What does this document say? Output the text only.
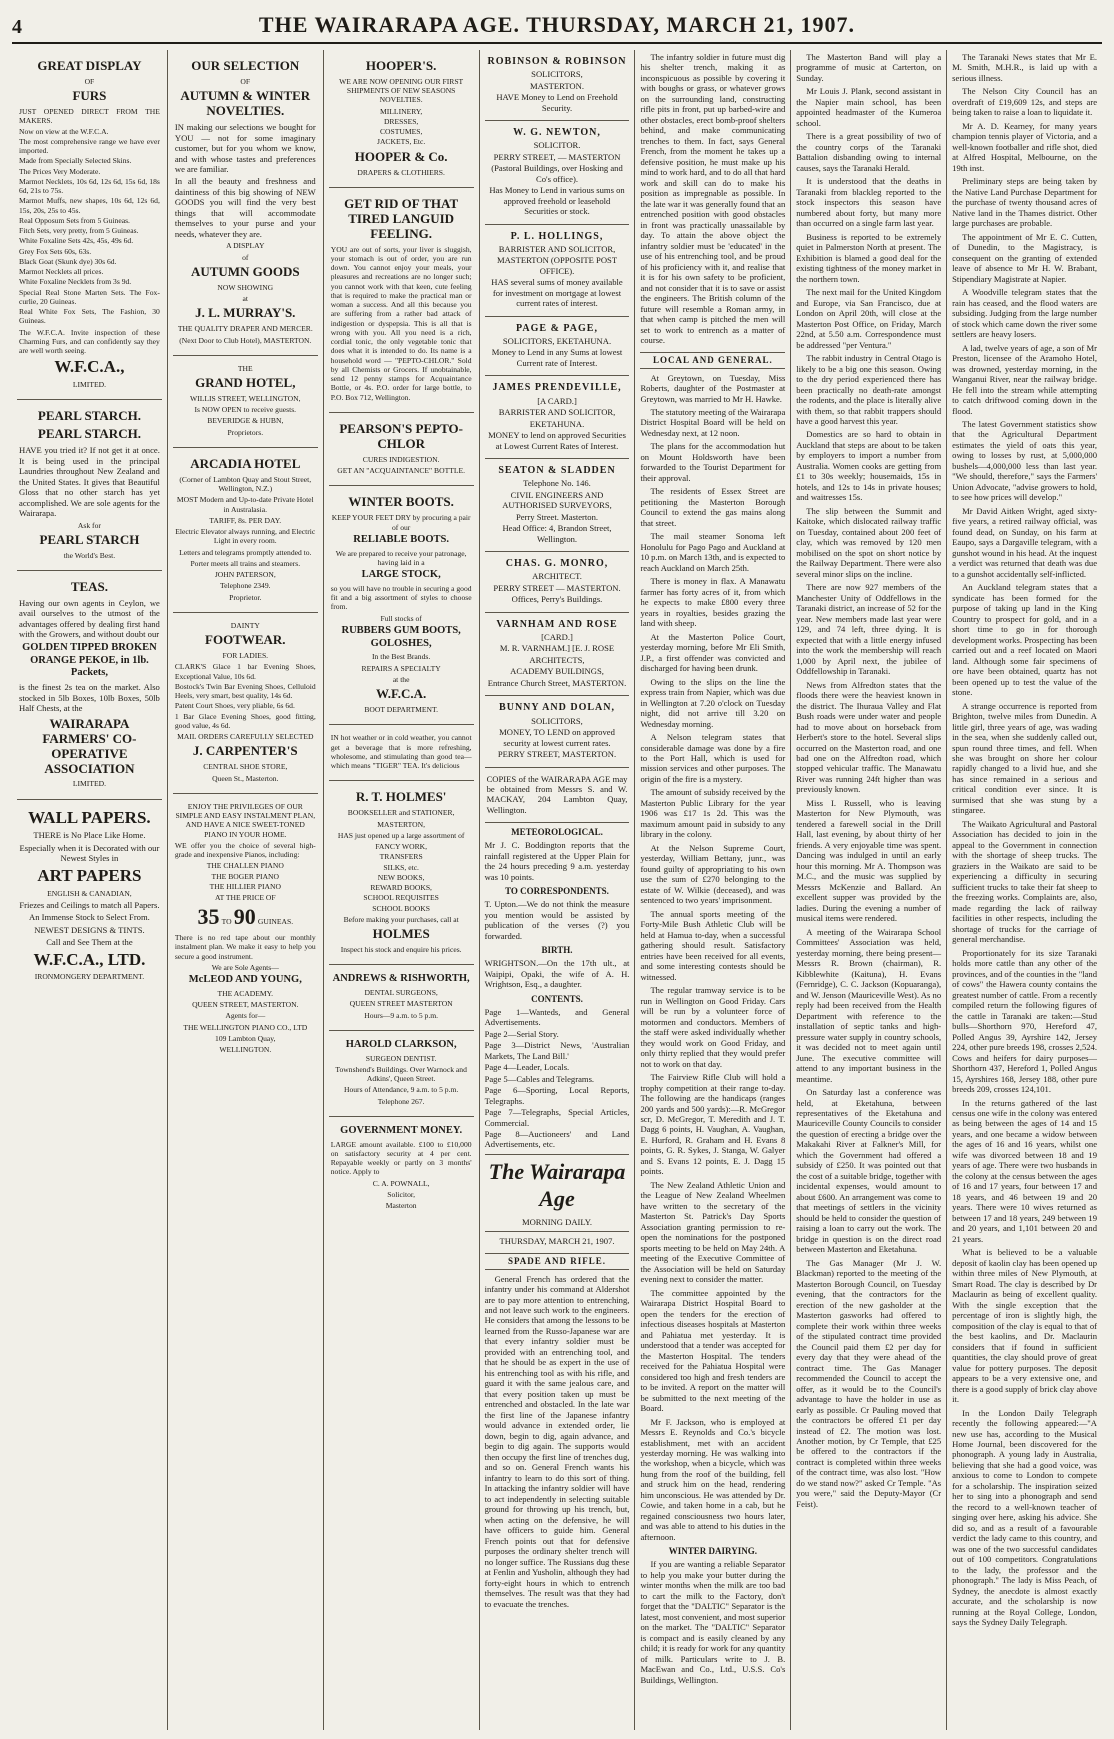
4	THE WAIRARAPA AGE. THURSDAY, MARCH 21, 1907.

GREAT DISPLAY

OF

FURS

JUST OPENED DIRECT FROM THE MAKERS.
Now on view at the W.F.C.A.
The most comprehensive range we have ever imported.
Made from Specially Selected Skins.
The Prices Very Moderate.
Marmot Necklets, 10s 6d, 12s 6d, 15s 6d, 18s 6d, 21s to 75s.
Marmot Muffs, new shapes, 10s 6d, 12s 6d, 15s, 20s, 25s to 45s.
Real Opposum Sets from 5 Guineas.
Fitch Sets, very pretty, from 5 Guineas.
White Foxaline Sets 42s, 45s, 49s 6d.
Grey Fox Sets 60s, 63s.
Black Goat (Skunk dye) 30s 6d.
Marmot Necklets all prices.
White Foxaline Necklets from 3s 9d.
Special Real Stone Marten Sets. The Fox-curlie, 20 Guineas.
Real White Fox Sets, The Fashion, 30 Guineas.

The W.F.C.A. Invite inspection of these Charming Furs, and can confidently say they are well worth seeing.

W.F.C.A.,

LIMITED.

PEARL STARCH.

PEARL STARCH.

HAVE you tried it? If not get it at once. It is being used in the principal Laundries throughout New Zealand and the United States. It gives that Beautiful Gloss that no other starch has yet accomplished. We are sole agents for the Wairarapa.

Ask for

PEARL STARCH

the World's Best.

TEAS.

Having our own agents in Ceylon, we avail ourselves to the utmost of the advantages offered by dealing first hand with the Growers, and without doubt our

GOLDEN TIPPED BROKEN ORANGE PEKOE, in 1lb. Packets,

is the finest 2s tea on the market. Also stocked in 5lb Boxes, 10lb Boxes, 50lb Half Chests, at the

WAIRARAPA FARMERS' CO-OPERATIVE ASSOCIATION

LIMITED.

WALL PAPERS.

THERE is No Place Like Home.

Especially when it is Decorated with our Newest Styles in

ART PAPERS

ENGLISH & CANADIAN,

Friezes and Ceilings to match all Papers.

An Immense Stock to Select From.

NEWEST DESIGNS & TINTS.

Call and See Them at the

W.F.C.A., LTD.

IRONMONGERY DEPARTMENT.

OUR SELECTION

OF

AUTUMN & WINTER NOVELTIES.

IN making our selections we bought for YOU — not for some imaginary customer, but for you whom we know, and with whose tastes and preferences we are familiar.

In all the beauty and freshness and daintiness of this big showing of NEW GOODS you will find the very best things that will accommodate themselves to your purse and your needs, whatever they are.

A DISPLAY

of

AUTUMN GOODS

NOW SHOWING

at

J. L. MURRAY'S.

THE QUALITY DRAPER AND MERCER.

(Next Door to Club Hotel), MASTERTON.

THE

GRAND HOTEL,

WILLIS STREET, WELLINGTON,

Is NOW OPEN to receive guests.

BEVERIDGE & HUBN,

Proprietors.

ARCADIA HOTEL

(Corner of Lambton Quay and Stout Street, Wellington, N.Z.)

MOST Modern and Up-to-date Private Hotel in Australasia.

TARIFF, 8s. PER DAY.

Electric Elevator always running, and Electric Light in every room.

Letters and telegrams promptly attended to.

Porter meets all trains and steamers.

JOHN PATERSON,

Telephone 2349.

Proprietor.

DAINTY

FOOTWEAR.

FOR LADIES.

CLARK'S Glace 1 bar Evening Shoes, Exceptional Value, 10s 6d.
Bostock's Twin Bar Evening Shoes, Celluloid Heels, very smart, best quality, 14s 6d.
Patent Court Shoes, very pliable, 6s 6d.
1 Bar Glace Evening Shoes, good fitting, good value, 4s 6d.

MAIL ORDERS CAREFULLY SELECTED

J. CARPENTER'S

CENTRAL SHOE STORE,

Queen St., Masterton.

ENJOY THE PRIVILEGES OF OUR SIMPLE AND EASY INSTALMENT PLAN, AND HAVE A NICE SWEET-TONED PIANO IN YOUR HOME.

WE offer you the choice of several high-grade and inexpensive Pianos, including:

THE CHALLEN PIANO
THE BOGER PIANO
THE HILLIER PIANO

AT THE PRICE OF

35 TO 90 GUINEAS.

There is no red tape about our monthly instalment plan. We make it easy to help you secure a good instrument.

We are Sole Agents—

McLEOD AND YOUNG,

THE ACADEMY.

QUEEN STREET, MASTERTON.

Agents for—

THE WELLINGTON PIANO CO., LTD

109 Lambton Quay,

WELLINGTON.

HOOPER'S.

WE ARE NOW OPENING OUR FIRST SHIPMENTS OF NEW SEASONS NOVELTIES.

MILLINERY,
DRESSES,
COSTUMES,
JACKETS, Etc.

HOOPER & Co.

DRAPERS & CLOTHIERS.

GET RID OF THAT TIRED LANGUID FEELING.

YOU are out of sorts, your liver is sluggish, your stomach is out of order, you are run down. You cannot enjoy your meals, your pleasures and recreations are no longer such; you cannot work with that keen, cute feeling that is required to make the practical man or woman a success. And all this because you are suffering from a rather bad attack of indigestion or dyspepsia. This is all that is wrong with you. All you need is a rich, cordial tonic, the only vegetable tonic that does what it is intended to do. Its name is a household word — "PEPTO-CHLOR." Sold by all Chemists or Grocers. If unobtainable, send 12 penny stamps for Acquaintance Bottle, or 4s. P.O. order for large bottle, to P.O. Box 712, Wellington.

PEARSON'S PEPTO-CHLOR

CURES INDIGESTION.

GET AN "ACQUAINTANCE" BOTTLE.

WINTER BOOTS.

KEEP YOUR FEET DRY by procuring a pair of our

RELIABLE BOOTS.

We are prepared to receive your patronage, having laid in a

LARGE STOCK,

so you will have no trouble in securing a good fit and a big assortment of styles to choose from.

Full stocks of

RUBBERS GUM BOOTS, GOLOSHES,

In the Best Brands.

REPAIRS A SPECIALTY

at the

W.F.C.A.

BOOT DEPARTMENT.

IN hot weather or in cold weather, you cannot get a beverage that is more refreshing, wholesome, and stimulating than good tea—which means "TIGER" TEA. It's delicious

R. T. HOLMES'

BOOKSELLER and STATIONER,

MASTERTON,

HAS just opened up a large assortment of

FANCY WORK,
TRANSFERS
SILKS, etc.
NEW BOOKS,
REWARD BOOKS,
SCHOOL REQUISITES
SCHOOL BOOKS

Before making your purchases, call at

HOLMES

Inspect his stock and enquire his prices.

ANDREWS & RISHWORTH,

DENTAL SURGEONS,

QUEEN STREET MASTERTON

Hours—9 a.m. to 5 p.m.

HAROLD CLARKSON,

SURGEON DENTIST.

Townshend's Buildings. Over Warnock and Adkins', Queen Street.

Hours of Attendance, 9 a.m. to 5 p.m.

Telephone 267.

GOVERNMENT MONEY.

LARGE amount available. £100 to £10,000 on satisfactory security at 4 per cent. Repayable weekly or partly on 3 months' notice. Apply to

C. A. POWNALL,

Solicitor,

Masterton

ROBINSON & ROBINSON

SOLICITORS,

MASTERTON.

HAVE Money to Lend on Freehold Security.

W. G. NEWTON,

SOLICITOR.

PERRY STREET, — MASTERTON

(Pastoral Buildings, over Hosking and Co's office).

Has Money to Lend in various sums on approved freehold or leasehold Securities or stock.

P. L. HOLLINGS,

BARRISTER AND SOLICITOR,

MASTERTON (OPPOSITE POST OFFICE).

HAS several sums of money available for investment on mortgage at lowest current rates of interest.

PAGE & PAGE,

SOLICITORS, EKETAHUNA.

Money to Lend in any Sums at lowest Current rate of Interest.

JAMES PRENDEVILLE,

[A CARD.]

BARRISTER AND SOLICITOR,

EKETAHUNA.

MONEY to lend on approved Securities at Lowest Current Rates of Interest.

SEATON & SLADDEN

Telephone No. 146.

CIVIL ENGINEERS AND AUTHORISED SURVEYORS,

Perry Street. Masterton.

Head Office: 4, Brandon Street, Wellington.

CHAS. G. MONRO,

ARCHITECT.

PERRY STREET — MASTERTON.

Offices, Perry's Buildings.

VARNHAM AND ROSE

[CARD.]

M. R. VARNHAM.] [E. J. ROSE

ARCHITECTS,

ACADEMY BUILDINGS,

Entrance Church Street, MASTERTON.

BUNNY AND DOLAN,

SOLICITORS,

MONEY, TO LEND on approved security at lowest current rates.

PERRY STREET, MASTERTON.

COPIES of the WAIRARAPA AGE may be obtained from Messrs S. and W. MACKAY, 204 Lambton Quay, Wellington.

METEOROLOGICAL.

Mr J. C. Boddington reports that the rainfall registered at the Upper Plain for the 24 hours preceding 9 a.m. yesterday was 10 points.

TO CORRESPONDENTS.

T. Upton.—We do not think the measure you mention would be assisted by publication of the verses (?) you forwarded.

BIRTH.

WRIGHTSON.—On the 17th ult., at Waipipi, Opaki, the wife of A. H. Wrightson, Esq., a daughter.

CONTENTS.
Page 1—Wanteds, and General Advertisements.
Page 2—Serial Story.
Page 3—District News, 'Australian Markets, The Land Bill.'
Page 4—Leader, Locals.
Page 5—Cables and Telegrams.
Page 6—Sporting, Local Reports, Telegraphs.
Page 7—Telegraphs, Special Articles, Commercial.
Page 8—Auctioneers' and Land Advertisements, etc.
The Wairarapa Age
MORNING DAILY.
THURSDAY, MARCH 21, 1907.
SPADE AND RIFLE.

General French has ordered that the infantry under his command at Aldershot are to pay more attention to entrenching, and not leave such work to the engineers. He considers that among the lessons to be learned from the Russo-Japanese war are that every infantry soldier must be provided with an entrenching tool, and that he should be as expert in the use of his entrenching tool as with his rifle, and guard it with the same jealous care, and that every position taken up must be entrenched and obstacled. In the late war the first line of the Japanese infantry would advance in extended order, lie down, begin to dig, again advance, and begin to dig again. The supports would then occupy the first line of trenches dug, and so on. General French wants his infantry to learn to do this sort of thing. In attacking the infantry soldier will have to act independently in selecting suitable ground for throwing up his trench, but, when acting on the defensive, he will have officers to guide him. General French points out that for defensive purposes the ordinary shelter trench will no longer suffice. The Russians dug these at Fenlin and Yusholin, although they had forty-eight hours in which to entrench themselves. The result was that they had to evacuate the trenches.

The infantry soldier in future must dig his shelter trench, making it as inconspicuous as possible by covering it with boughs or grass, or whatever grows on the surrounding land, constructing rifle pits in front, put up barbed-wire and other obstacles, erect bomb-proof shelters behind, and make communicating trenches to them. In fact, says General French, from the moment he takes up a defensive position, he must make up his mind to work hard, and to do all that hard work and skill can do to make his position as impregnable as possible. In the late war it was generally found that an entrenched position with good obstacles in front was practically unassailable by day. To attain the above object the infantry soldier must be 'educated' in the use of his entrenching tool, and be proud of his proficiency with it, and realise that it is for his own safety to be proficient, and not consider that it is to save or assist the engineers. The British column of the future will resemble a Roman army, in that when camp is pitched the men will set to work to entrench as a matter of course.

LOCAL AND GENERAL.

At Greytown, on Tuesday, Miss Roberts, daughter of the Postmaster at Greytown, was married to Mr H. Hawke.

The statutory meeting of the Wairarapa District Hospital Board will be held on Wednesday next, at 12 noon.

The plans for the accommodation hut on Mount Holdsworth have been forwarded to the Tourist Department for their approval.

The residents of Essex Street are petitioning the Masterton Borough Council to extend the gas mains along that street.

The mail steamer Sonoma left Honolulu for Pago Pago and Auckland at 10 p.m. on March 13th, and is expected to reach Auckland on March 25th.

There is money in flax. A Manawatu farmer has forty acres of it, from which he expects to make £800 every three years in royalties, besides grazing the land with sheep.

At the Masterton Police Court, yesterday morning, before Mr Eli Smith, J.P., a first offender was convicted and discharged for having been drunk.

Owing to the slips on the line the express train from Napier, which was due in Wellington at 7.20 o'clock on Tuesday night, did not arrive till 3.20 on Wednesday morning.

A Nelson telegram states that considerable damage was done by a fire to the Port Hall, which is used for mission services and other purposes. The origin of the fire is a mystery.

The amount of subsidy received by the Masterton Public Library for the year 1906 was £17 1s 2d. This was the maximum amount paid in subsidy to any library in the colony.

At the Nelson Supreme Court, yesterday, William Bettany, junr., was found guilty of appropriating to his own use the sum of £270 belonging to the estate of W. Wilkie (deceased), and was sentenced to two years' imprisonment.

The annual sports meeting of the Forty-Mile Bush Athletic Club will be held at Hamua to-day, when a successful gathering should result. Satisfactory entries have been received for all events, and some interesting contests should be witnessed.

The regular tramway service is to be run in Wellington on Good Friday. Cars will be run by a volunteer force of motormen and conductors. Members of the staff were asked individually whether they would work on Good Friday, and only thirty replied that they would prefer not to work on that day.

The Fairview Rifle Club will hold a trophy competition at their range to-day. The following are the handicaps (ranges 200 yards and 500 yards):—R. McGregor scr, D. McGregor, T. Meredith and J. T. Dagg 6 points, H. Vaughan, A. Vaughan, E. Hurford, R. Graham and H. Evans 8 points, G. R. Sykes, J. Stanga, W. Galyer and S. Evans 12 points, E. J. Dagg 15 points.

The New Zealand Athletic Union and the League of New Zealand Wheelmen have written to the secretary of the Masterton St. Patrick's Day Sports Association granting permission to re-open the nominations for the postponed sports meeting to be held on May 24th. A meeting of the Executive Committee of the Association will be held on Saturday evening next to consider the matter.

The committee appointed by the Wairarapa District Hospital Board to open the tenders for the erection of infectious diseases hospitals at Masterton and Pahiatua met yesterday. It is understood that a tender was accepted for the Masterton Hospital. The tenders received for the Pahiatua Hospital were considered too high and fresh tenders are to be invited. A report on the matter will be submitted to the next meeting of the Board.

Mr F. Jackson, who is employed at Messrs E. Reynolds and Co.'s bicycle establishment, met with an accident yesterday morning. He was walking into the workshop, when a bicycle, which was hung from the roof of the building, fell and struck him on the head, rendering him unconscious. He was attended by Dr. Cowie, and taken home in a cab, but he regained consciousness two hours later, and was able to attend to his duties in the afternoon.

WINTER DAIRYING.

If you are wanting a reliable Separator to help you make your butter during the winter months when the milk are too bad to cart the milk to the Factory, don't forget that the "DALTIC" Separator is the latest, most convenient, and most superior on the market. The "DALTIC" Separator is compact and is easily cleaned by any child; it is ready for work for any quantity of milk. Particulars write to J. B. MacEwan and Co., Ltd., U.S.S. Co's Buildings, Wellington.

The Masterton Band will play a programme of music at Carterton, on Sunday.

Mr Louis J. Plank, second assistant in the Napier main school, has been appointed headmaster of the Kumeroa school.

There is a great possibility of two of the country corps of the Taranaki Battalion disbanding owing to internal causes, says the Taranaki Herald.

It is understood that the deaths in Taranaki from blackleg reported to the stock inspectors this season have numbered about forty, but many more than occurred on a single farm last year.

Business is reported to be extremely quiet in Palmerston North at present. The Exhibition is blamed a good deal for the existing tightness of the money market in the northern town.

The next mail for the United Kingdom and Europe, via San Francisco, due at London on April 20th, will close at the Masterton Post Office, on Friday, March 22nd, at 5.50 a.m. Correspondence must be addressed "per Ventura."

The rabbit industry in Central Otago is likely to be a big one this season. Owing to the dry period experienced there has been practically no death-rate amongst the rodents, and the place is literally alive with them, so that rabbit trappers should have a good harvest this year.

Domestics are so hard to obtain in Auckland that steps are about to be taken by employers to import a number from Australia. Women cooks are getting from £1 to 30s weekly; housemaids, 15s in hotels, and 12s to 14s in private houses; and waitresses 15s.

The slip between the Summit and Kaitoke, which dislocated railway traffic on Tuesday, contained about 200 feet of clay, which was removed by 120 men mobilised on the spot on short notice by the Railway Department. There were also several minor slips on the incline.

There are now 927 members of the Manchester Unity of Oddfellows in the Taranaki district, an increase of 52 for the year. New members made last year were 129, and 74 left, three dying. It is expected that with a little energy infused into the work the membership will reach 1,000 by April next, the jubilee of Oddfellowship in Taranaki.

News from Alfredton states that the floods there were the heaviest known in the district. The Ihuraua Valley and Flat Bush roads were under water and people had to move about on horseback from Herbert's store to the hotel. Several slips occurred on the Masterton road, and one bad one on the Alfredton road, which stopped vehicular traffic. The Manawatu River was running 24ft higher than was previously known.

Miss I. Russell, who is leaving Masterton for New Plymouth, was tendered a farewell social in the Drill Hall, last evening, by about thirty of her friends. A very enjoyable time was spent. Dancing was indulged in until an early hour this morning. Mr A. Thompson was M.C., and the music was supplied by Messrs McKenzie and Ballard. An excellent supper was provided by the ladies. During the evening a number of musical items were rendered.

A meeting of the Wairarapa School Committees' Association was held, yesterday morning, there being present—Messrs R. Brown (chairman), R. Kibblewhite (Kaituna), H. Evans (Fernridge), C. C. Jackson (Kopuaranga), and W. Jenson (Mauriceville West). As no reply had been received from the Health Department with reference to the installation of septic tanks and high-pressure water supply in country schools, it was decided not to meet again until June. The executive committee will attend to any important business in the meantime.

On Saturday last a conference was held, at Eketahuna, between representatives of the Eketahuna and Mauriceville County Councils to consider the question of erecting a bridge over the Makakahi River at Falkner's Mill, for which the Government had offered a subsidy of £250. It was pointed out that the cost of a suitable bridge, together with incidental expenses, would amount to about £600. An arrangement was come to that meetings of settlers in the vicinity should be held to consider the question of raising a loan to carry out the work. The bridge in question is on the direct road between Masterton and Eketahuna.

The Gas Manager (Mr J. W. Blackman) reported to the meeting of the Masterton Borough Council, on Tuesday evening, that the contractors for the erection of the new gasholder at the Masterton gasworks had offered to complete their work within three weeks of the stipulated contract time provided the Council paid them £2 per day for every day that they were ahead of the contract time. The Gas Manager recommended the Council to accept the offer, as it would be to the Council's advantage to have the holder in use as early as possible. Cr Pauling moved that the contractors be offered £1 per day instead of £2. The motion was lost. Another motion, by Cr Temple, that £25 be offered to the contractors if the contract is completed within three weeks of the contract time, was also lost. "How do we stand now?" asked Cr Temple. "As you were," said the Deputy-Mayor (Cr Feist).

The Taranaki News states that Mr E. M. Smith, M.H.R., is laid up with a serious illness.

The Nelson City Council has an overdraft of £19,609 12s, and steps are being taken to raise a loan to liquidate it.

Mr A. D. Kearney, for many years champion tennis player of Victoria, and a well-known footballer and rifle shot, died at Alfred Hospital, Melbourne, on the 19th inst.

Preliminary steps are being taken by the Native Land Purchase Department for the purchase of twenty thousand acres of Native land in the Thames district. Other large purchases are probable.

The appointment of Mr E. C. Cutten, of Dunedin, to the Magistracy, is consequent on the granting of extended leave of absence to Mr H. W. Brabant, Stipendiary Magistrate at Napier.

A Woodville telegram states that the rain has ceased, and the flood waters are subsiding. Judging from the large number of stock which came down the river some settlers are heavy losers.

A lad, twelve years of age, a son of Mr Preston, licensee of the Aramoho Hotel, was drowned, yesterday morning, in the Wanganui River, near the railway bridge. He fell into the stream while attempting to catch driftwood coming down in the flood.

The latest Government statistics show that the Agricultural Department estimates the yield of oats this year, owing to losses by rust, at 5,000,000 bushels—4,000,000 less than last year. "We should, therefore," says the Farmers' Union Advocate, "advise growers to hold, to see how prices will develop."

Mr David Aitken Wright, aged sixty-five years, a retired railway official, was found dead, on Sunday, on his farm at Eaupo, says a Dargaville telegram, with a gunshot wound in his head. At the inquest a verdict was returned that death was due to a gunshot accidentally self-inflicted.

An Auckland telegram states that a syndicate has been formed for the purpose of taking up land in the King Country to prospect for gold, and in a short time to go in for thorough development works. Prospecting has been carried out and a reef located on Maori land. Although some fair specimens of ore have been obtained, quartz has not been opened up to test the value of the stone.

A strange occurrence is reported from Brighton, twelve miles from Dunedin. A little girl, three years of age, was wading in the sea, when she suddenly called out, spun round three times, and fell. When she was brought on shore her colour rapidly changed to a livid hue, and she has since remained in a serious and critical condition ever since. It is surmised that she was stung by a stingaree.

The Waikato Agricultural and Pastoral Association has decided to join in the appeal to the Government in connection with the shortage of sheep trucks. The graziers in the Waikato are said to be experiencing a difficulty in securing sufficient trucks to take their fat sheep to the freezing works. Complaints are, also, made regarding the lack of railway facilities in other respects, including the shortage of trucks for the carriage of general merchandise.

Proportionately for its size Taranaki holds more cattle than any other of the provinces, and of the counties in the "land of cows" the Hawera county contains the greatest number of cattle. From a recently compiled return the following figures of the cattle in Taranaki are taken:—Stud bulls—Shorthorn 970, Hereford 47, Polled Angus 39, Ayrshire 142, Jersey 224, other pure breeds 198, crosses 2,524. Cows and heifers for dairy purposes—Shorthorn 437, Hereford 1, Polled Angus 15, Ayrshires 168, Jersey 188, other pure breeds 209, crosses 124,101.

In the returns gathered of the last census one wife in the colony was entered as being between the ages of 14 and 15 years, and one became a widow between the ages of 16 and 16 years, whilst one wife was divorced between 18 and 19 years of age. There were two husbands in the colony at the census between the ages of 16 and 17 years, four between 17 and 18 years, and 46 between 19 and 20 years. There were 10 wives returned as between 17 and 18 years, 249 between 19 and 20 years, and 1,101 between 20 and 21 years.

What is believed to be a valuable deposit of kaolin clay has been opened up within three miles of New Plymouth, at Smart Road. The clay is described by Dr Maclaurin as being of excellent quality. With the single exception that the percentage of iron is slightly high, the composition of the clay is equal to that of the best kaolins, and Dr. Maclaurin considers that if found in sufficient quantities, the clay should prove of great value for pottery purposes. The deposit appears to be a very extensive one, and there is a good supply of brick clay above it.

In the London Daily Telegraph recently the following appeared:—"A new use has, according to the Musical Home Journal, been discovered for the phonograph. A young lady in Australia, believing that she had a good voice, was anxious to come to London to compete for a scholarship. The inspiration seized her to sing into a phonograph and send the record to a well-known teacher of singing over here, asking his advice. She did so, and as a result of a favourable verdict the lady came to this country, and was one of the two successful candidates out of 100 competitors. Congratulations to the lady, the professor and the phonograph." The lady is Miss Peach, of Sydney, the anecdote is almost exactly accurate, and the scholarship is now running at the Royal College, London, says the Sydney Daily Telegraph.
